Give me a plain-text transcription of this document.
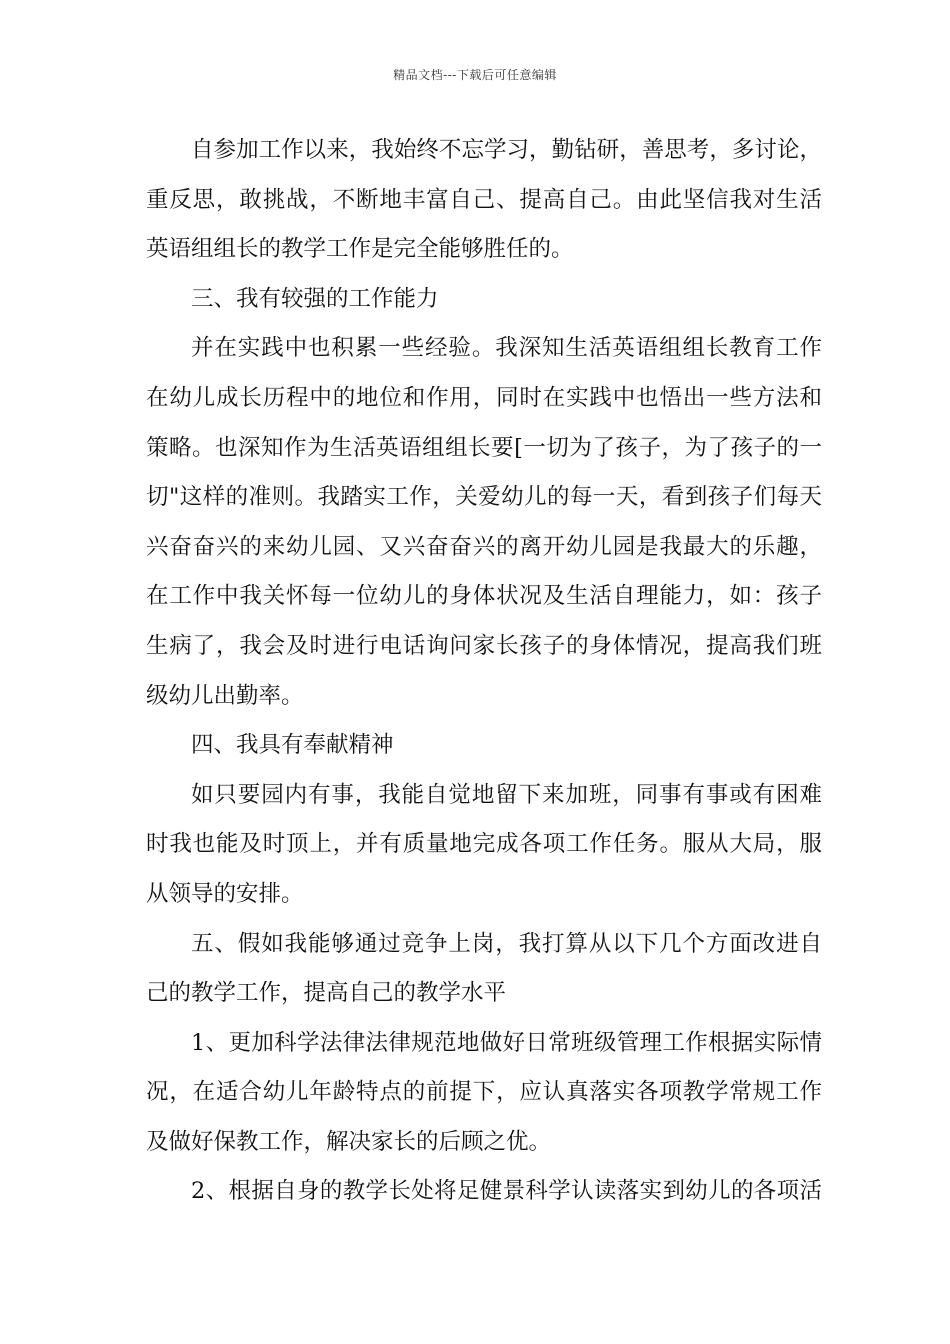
精品文档---下载后可任意编辑
自参加工作以来，我始终不忘学习，勤钻研，善思考，多讨论，
重反思，敢挑战，不断地丰富自己、提高自己。由此坚信我对生活
英语组组长的教学工作是完全能够胜任的。
三、我有较强的工作能力
并在实践中也积累一些经验。我深知生活英语组组长教育工作
在幼儿成长历程中的地位和作用，同时在实践中也悟出一些方法和
策略。也深知作为生活英语组组长要[一切为了孩子，为了孩子的一
切"这样的准则。我踏实工作，关爱幼儿的每一天，看到孩子们每天
兴奋奋兴的来幼儿园、又兴奋奋兴的离开幼儿园是我最大的乐趣，
在工作中我关怀每一位幼儿的身体状况及生活自理能力，如：孩子
生病了，我会及时进行电话询问家长孩子的身体情况，提高我们班
级幼儿出勤率。
四、我具有奉献精神
如只要园内有事，我能自觉地留下来加班，同事有事或有困难
时我也能及时顶上，并有质量地完成各项工作任务。服从大局，服
从领导的安排。
五、假如我能够通过竞争上岗，我打算从以下几个方面改进自
己的教学工作，提高自己的教学水平
1、更加科学法律法律规范地做好日常班级管理工作根据实际情
况，在适合幼儿年龄特点的前提下，应认真落实各项教学常规工作
及做好保教工作，解决家长的后顾之优。
2、根据自身的教学长处将足健景科学认读落实到幼儿的各项活
